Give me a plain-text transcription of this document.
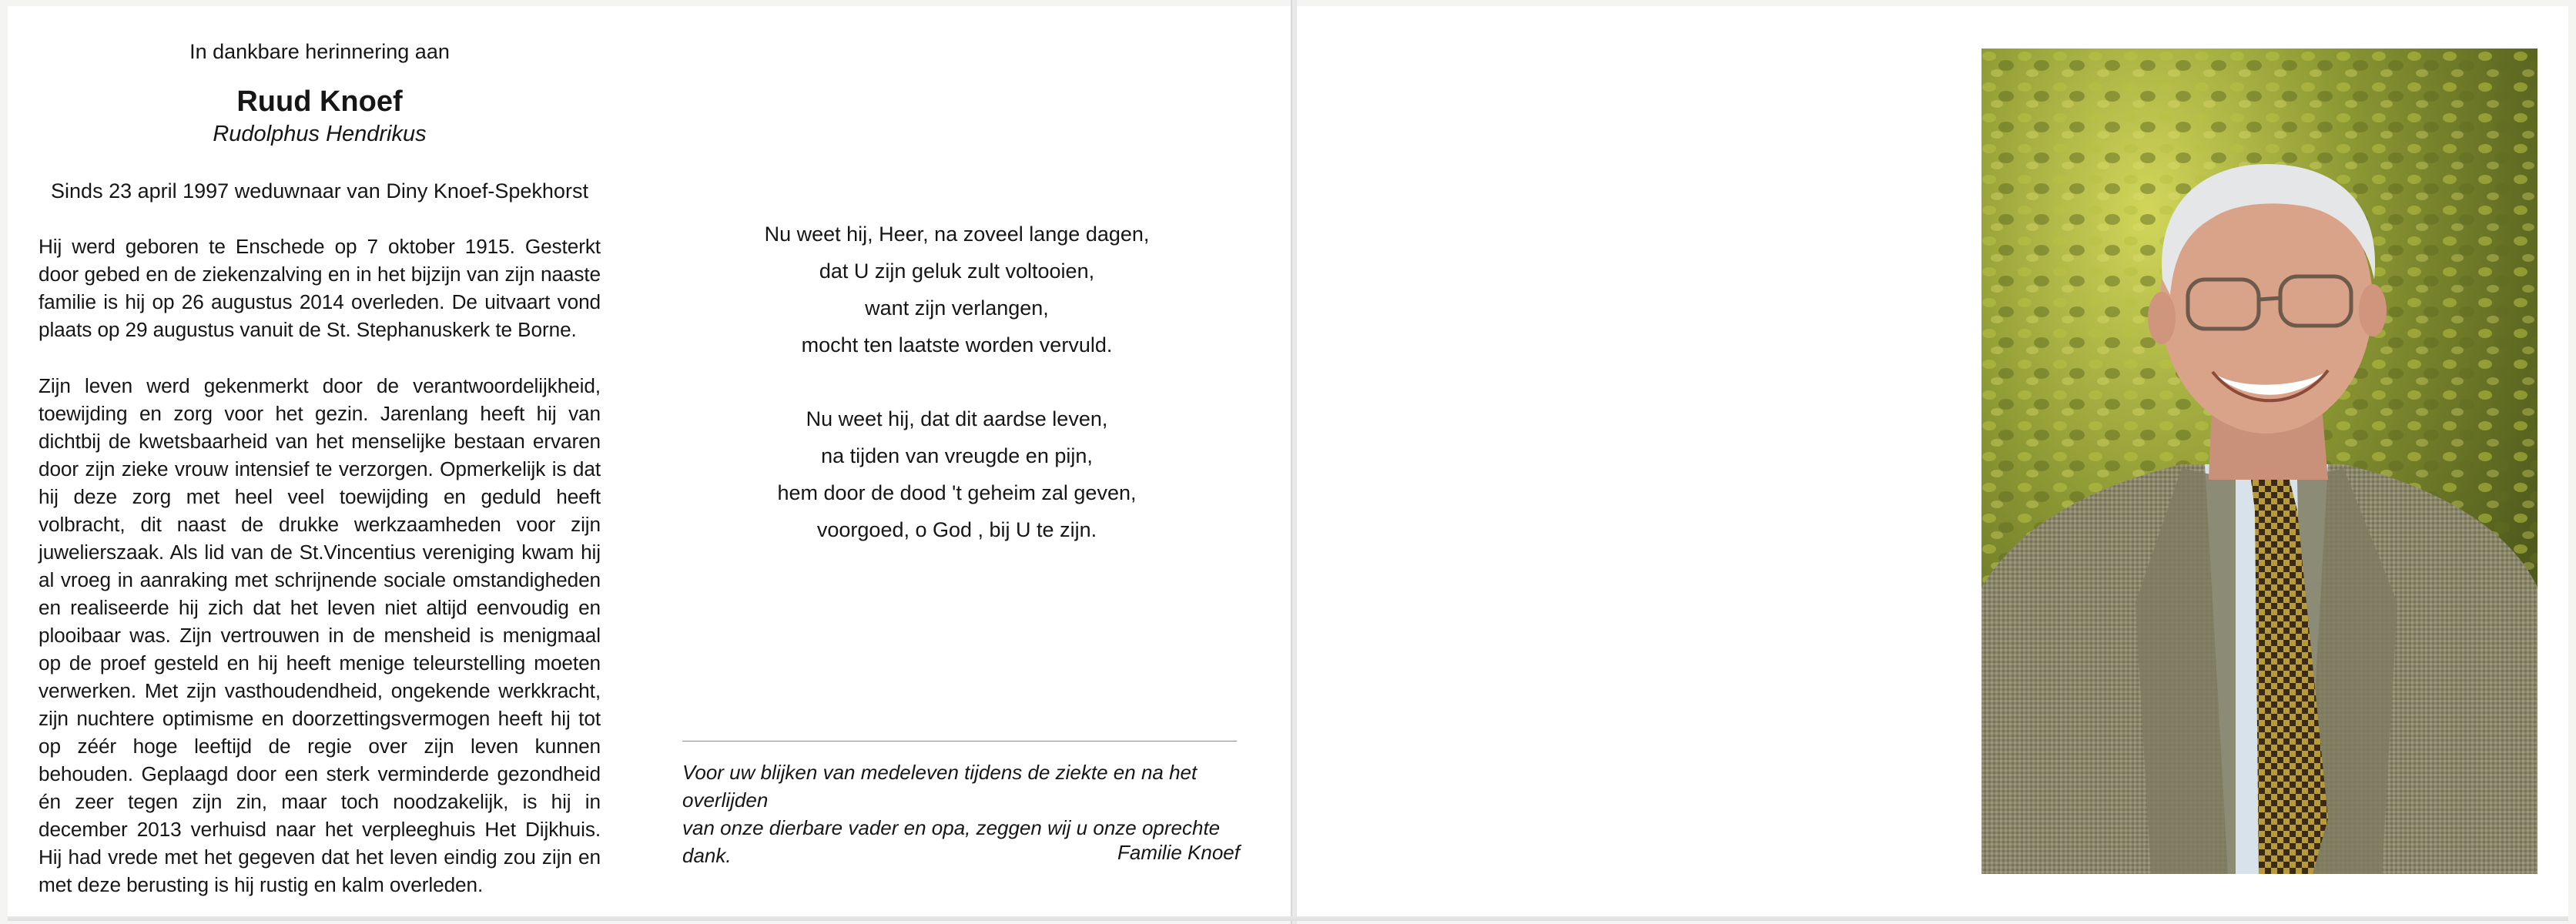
In dankbare herinnering aan
Ruud Knoef
Rudolphus Hendrikus
Sinds 23 april 1997 weduwnaar van Diny Knoef-Spekhorst

Hij werd geboren te Enschede op 7 oktober 1915. Gesterkt door gebed en de ziekenzalving en in het bijzijn van zijn naaste familie is hij op 26 augustus 2014 overleden. De uitvaart vond plaats op 29 augustus vanuit de St. Stephanuskerk te Borne.

Zijn leven werd gekenmerkt door de verantwoordelijkheid, toewijding en zorg voor het gezin. Jarenlang heeft hij van dichtbij de kwetsbaarheid van het menselijke bestaan ervaren door zijn zieke vrouw intensief te verzorgen. Opmerkelijk is dat hij deze zorg met heel veel toewijding en geduld heeft volbracht, dit naast de drukke werkzaamheden voor zijn juwelierszaak. Als lid van de St.Vincentius vereniging kwam hij al vroeg in aanraking met schrijnende sociale omstandigheden en realiseerde hij zich dat het leven niet altijd eenvoudig en plooibaar was. Zijn vertrouwen in de mensheid is menigmaal op de proef gesteld en hij heeft menige teleurstelling moeten verwerken. Met zijn vasthoudendheid, ongekende werkkracht, zijn nuchtere optimisme en doorzettingsvermogen heeft hij tot op zéér hoge leeftijd de regie over zijn leven kunnen behouden. Geplaagd door een sterk verminderde gezondheid én zeer tegen zijn zin, maar toch noodzakelijk, is hij in december 2013 verhuisd naar het verpleeghuis Het Dijkhuis. Hij had vrede met het gegeven dat het leven eindig zou zijn en met deze berusting is hij rustig en kalm overleden.

Nu weet hij, Heer, na zoveel lange dagen,
dat U zijn geluk zult voltooien,
want zijn verlangen,
mocht ten laatste worden vervuld.
Nu weet hij, dat dit aardse leven,
na tijden van vreugde en pijn,
hem door de dood 't geheim zal geven,
voorgoed, o God , bij U te zijn.
Voor uw blijken van medeleven tijdens de ziekte en na het overlijden
van onze dierbare vader en opa, zeggen wij u onze oprechte dank.	Familie Knoef
